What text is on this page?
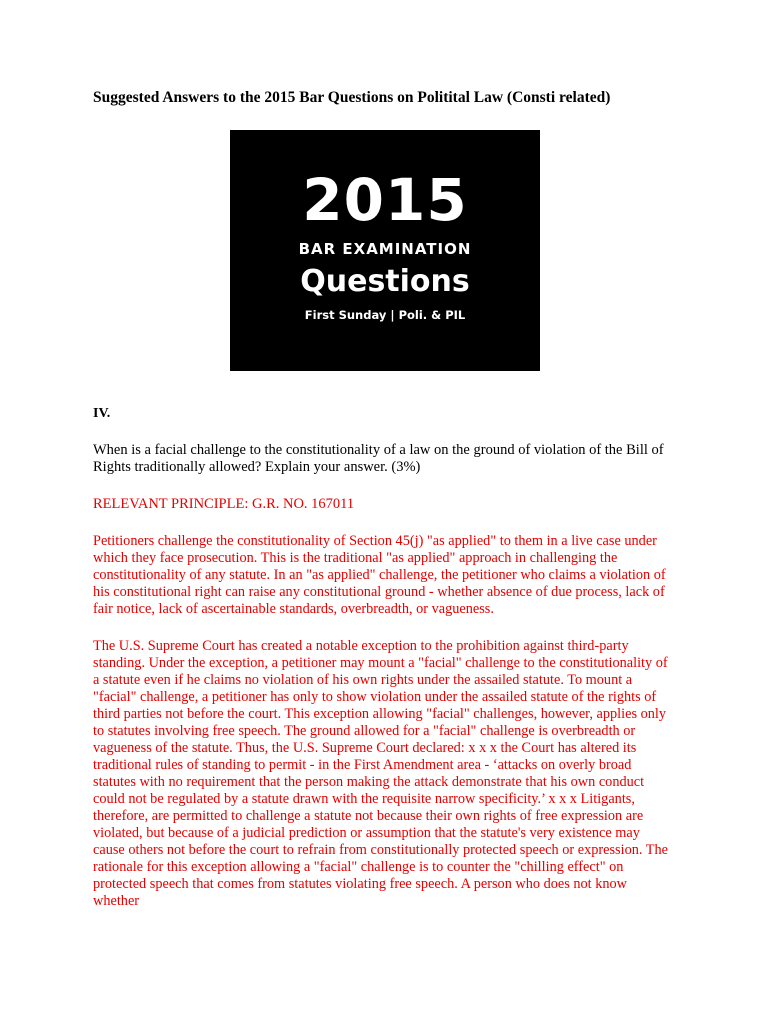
Suggested Answers to the 2015 Bar Questions on Politital Law (Consti related)
2015
BAR EXAMINATION
Questions
First Sunday | Poli. & PIL

IV.

When is a facial challenge to the constitutionality of a law on the ground of violation of the Bill of Rights traditionally allowed? Explain your answer. (3%)

RELEVANT PRINCIPLE: G.R. NO. 167011

Petitioners challenge the constitutionality of Section 45(j) "as applied" to them in a live case under which they face prosecution. This is the traditional "as applied" approach in challenging the constitutionality of any statute. In an "as applied" challenge, the petitioner who claims a violation of his constitutional right can raise any constitutional ground - whether absence of due process, lack of fair notice, lack of ascertainable standards, overbreadth, or vagueness.

The U.S. Supreme Court has created a notable exception to the prohibition against third-party standing. Under the exception, a petitioner may mount a "facial" challenge to the constitutionality of a statute even if he claims no violation of his own rights under the assailed statute. To mount a "facial" challenge, a petitioner has only to show violation under the assailed statute of the rights of third parties not before the court. This exception allowing "facial" challenges, however, applies only to statutes involving free speech. The ground allowed for a "facial" challenge is overbreadth or vagueness of the statute. Thus, the U.S. Supreme Court declared: x x x the Court has altered its traditional rules of standing to permit - in the First Amendment area - ‘attacks on overly broad statutes with no requirement that the person making the attack demonstrate that his own conduct could not be regulated by a statute drawn with the requisite narrow specificity.’ x x x Litigants, therefore, are permitted to challenge a statute not because their own rights of free expression are violated, but because of a judicial prediction or assumption that the statute's very existence may cause others not before the court to refrain from constitutionally protected speech or expression. The rationale for this exception allowing a "facial" challenge is to counter the "chilling effect" on protected speech that comes from statutes violating free speech. A person who does not know whether
